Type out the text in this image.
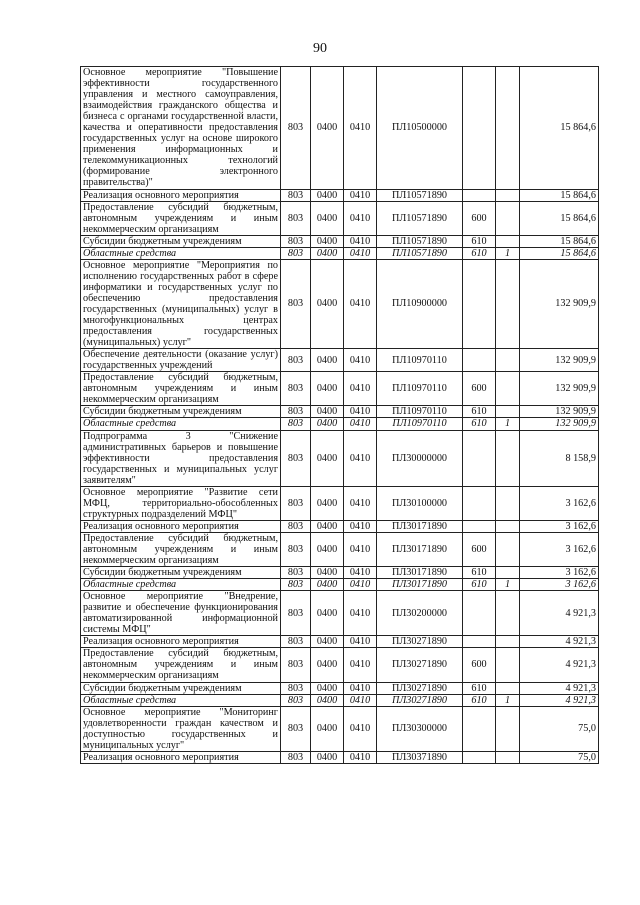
90
Основное мероприятие "Повышение эффективности государственного управления и местного самоуправления, взаимодействия гражданского общества и бизнеса с органами государственной власти, качества и оперативности предоставления государственных услуг на основе широкого применения информационных и телекоммуникационных технологий (формирование электронного правительства)"	803	0400	0410	ПЛ10500000			15 864,6
Реализация основного мероприятия	803	0400	0410	ПЛ10571890			15 864,6
Предоставление субсидий бюджетным, автономным учреждениям и иным некоммерческим организациям	803	0400	0410	ПЛ10571890	600		15 864,6
Субсидии бюджетным учреждениям	803	0400	0410	ПЛ10571890	610		15 864,6
Областные средства	803	0400	0410	ПЛ10571890	610	1	15 864,6
Основное мероприятие "Мероприятия по исполнению государственных работ в сфере информатики и государственных услуг по обеспечению предоставления государственных (муниципальных) услуг в многофункциональных центрах предоставления государственных (муниципальных) услуг"	803	0400	0410	ПЛ10900000			132 909,9
Обеспечение деятельности (оказание услуг) государственных учреждений	803	0400	0410	ПЛ10970110			132 909,9
Предоставление субсидий бюджетным, автономным учреждениям и иным некоммерческим организациям	803	0400	0410	ПЛ10970110	600		132 909,9
Субсидии бюджетным учреждениям	803	0400	0410	ПЛ10970110	610		132 909,9
Областные средства	803	0400	0410	ПЛ10970110	610	1	132 909,9
Подпрограмма 3 "Снижение административных барьеров и повышение эффективности предоставления государственных и муниципальных услуг заявителям"	803	0400	0410	ПЛ30000000			8 158,9
Основное мероприятие "Развитие сети МФЦ, территориально-обособленных структурных подразделений МФЦ"	803	0400	0410	ПЛ30100000			3 162,6
Реализация основного мероприятия	803	0400	0410	ПЛ30171890			3 162,6
Предоставление субсидий бюджетным, автономным учреждениям и иным некоммерческим организациям	803	0400	0410	ПЛ30171890	600		3 162,6
Субсидии бюджетным учреждениям	803	0400	0410	ПЛ30171890	610		3 162,6
Областные средства	803	0400	0410	ПЛ30171890	610	1	3 162,6
Основное мероприятие "Внедрение, развитие и обеспечение функционирования автоматизированной информационной системы МФЦ"	803	0400	0410	ПЛ30200000			4 921,3
Реализация основного мероприятия	803	0400	0410	ПЛ30271890			4 921,3
Предоставление субсидий бюджетным, автономным учреждениям и иным некоммерческим организациям	803	0400	0410	ПЛ30271890	600		4 921,3
Субсидии бюджетным учреждениям	803	0400	0410	ПЛ30271890	610		4 921,3
Областные средства	803	0400	0410	ПЛ30271890	610	1	4 921,3
Основное мероприятие "Мониторинг удовлетворенности граждан качеством и доступностью государственных и муниципальных услуг"	803	0400	0410	ПЛ30300000			75,0
Реализация основного мероприятия	803	0400	0410	ПЛ30371890			75,0
